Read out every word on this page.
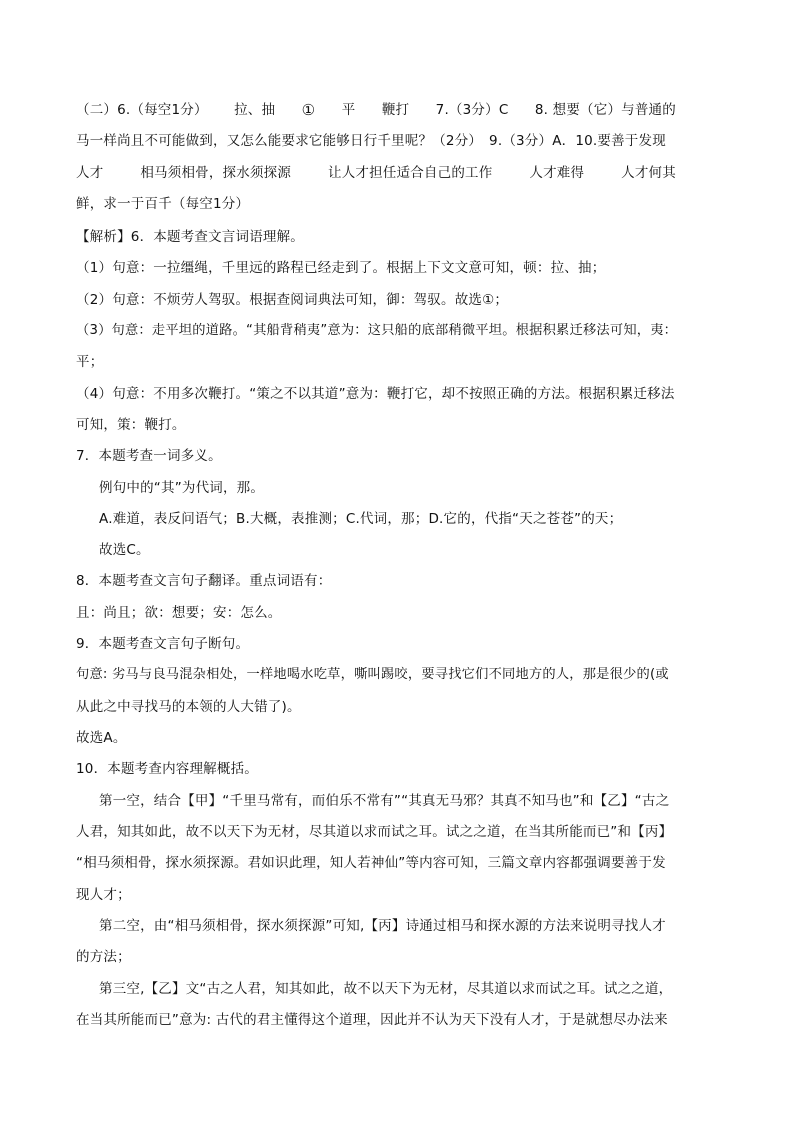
（二）6.（每空1分） 拉、抽 ① 平 鞭打 7.（3分）C 8. 想要（它）与普通的
马一样尚且不可能做到，又怎么能要求它能够日行千里呢？（2分）　9.（3分）A．10.要善于发现
人才	相马须相骨，探水须探源	让人才担任适合自己的工作	人才难得	人才何其
鲜，求一于百千（每空1分）
【解析】6．本题考查文言词语理解。
（1）句意：一拉缰绳，千里远的路程已经走到了。根据上下文文意可知，顿：拉、抽；
（2）句意：不烦劳人驾驭。根据查阅词典法可知，御：驾驭。故选①；
（3）句意：走平坦的道路。“其船背稍夷”意为：这只船的底部稍微平坦。根据积累迁移法可知，夷：
平；
（4）句意：不用多次鞭打。“策之不以其道”意为：鞭打它，却不按照正确的方法。根据积累迁移法
可知，策：鞭打。
7．本题考查一词多义。
例句中的“其”为代词，那。
A.难道，表反问语气；B.大概，表推测；C.代词，那；D.它的，代指“天之苍苍”的天；
故选C。
8．本题考查文言句子翻译。重点词语有：
且：尚且；欲：想要；安：怎么。
9．本题考查文言句子断句。
句意: 劣马与良马混杂相处，一样地喝水吃草，嘶叫踢咬，要寻找它们不同地方的人，那是很少的(或
从此之中寻找马的本领的人大错了)。
故选A。
10．本题考查内容理解概括。
第一空，结合【甲】“千里马常有，而伯乐不常有”“其真无马邪？其真不知马也”和【乙】“古之
人君，知其如此，故不以天下为无材，尽其道以求而试之耳。试之之道，在当其所能而已”和【丙】
“相马须相骨，探水须探源。君如识此理，知人若神仙”等内容可知，三篇文章内容都强调要善于发
现人才；
第二空，由“相马须相骨，探水须探源”可知,【丙】诗通过相马和探水源的方法来说明寻找人才
的方法；
第三空,【乙】文“古之人君，知其如此，故不以天下为无材，尽其道以求而试之耳。试之之道，
在当其所能而已”意为: 古代的君主懂得这个道理，因此并不认为天下没有人才，于是就想尽办法来
